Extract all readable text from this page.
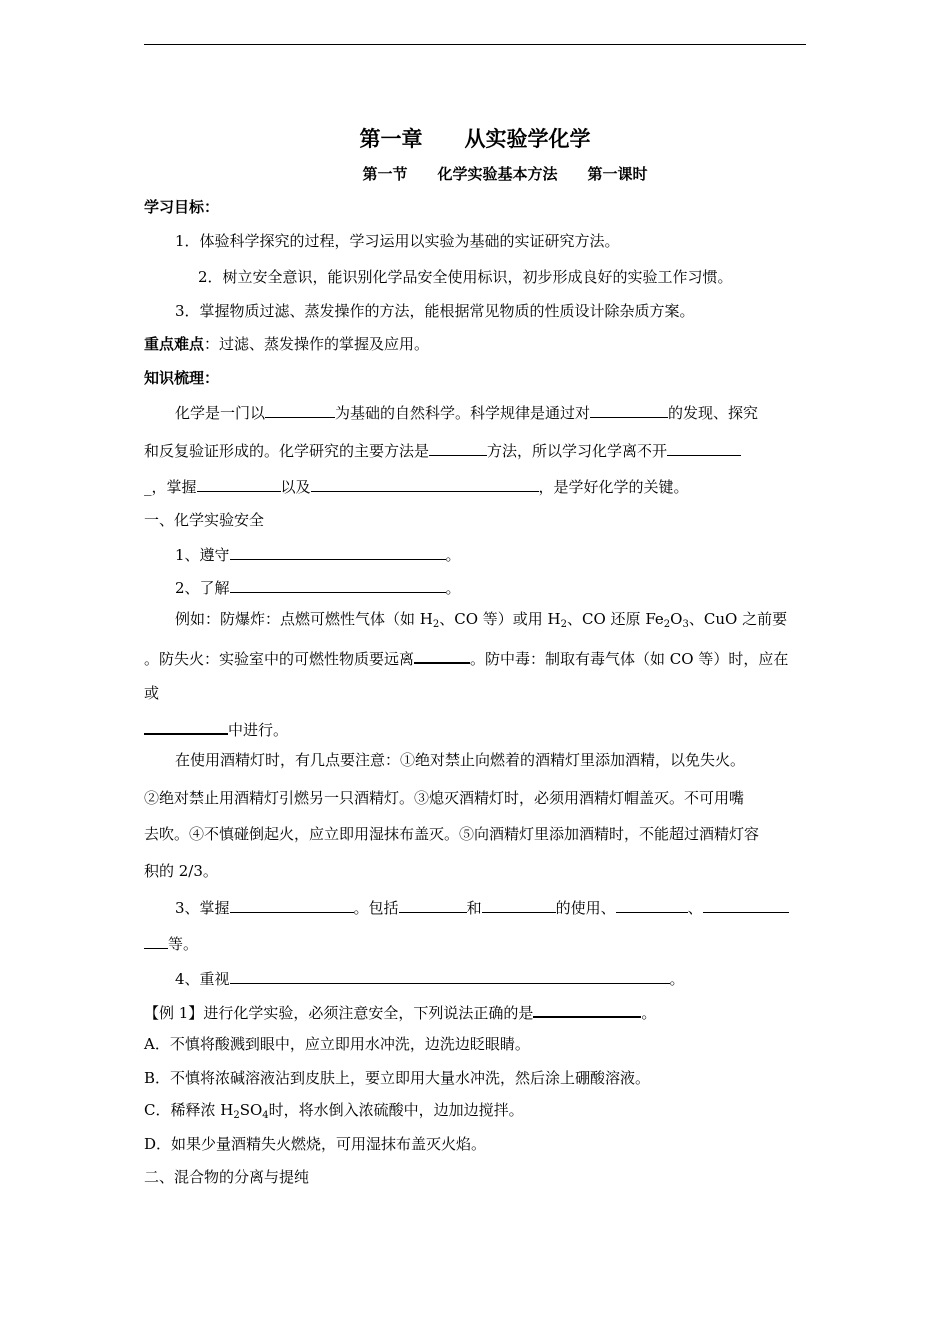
第一章　　从实验学化学
第一节　　化学实验基本方法　　第一课时
学习目标：
1．体验科学探究的过程，学习运用以实验为基础的实证研究方法。
2．树立安全意识，能识别化学品安全使用标识，初步形成良好的实验工作习惯。
3．掌握物质过滤、蒸发操作的方法，能根据常见物质的性质设计除杂质方案。
重点难点：过滤、蒸发操作的掌握及应用。
知识梳理：
化学是一门以	为基础的自然科学。科学规律是通过对	的发现、探究
和反复验证形成的。化学研究的主要方法是	方法，所以学习化学离不开
_，掌握	以及	，是学好化学的关键。
一、化学实验安全
1、遵守	。
2、了解	。
例如：防爆炸：点燃可燃性气体（如 $H_2$、CO 等）或用 $H_2$、CO 还原 $Fe_2O_3$、CuO 之前要
。防失火：实验室中的可燃性物质要远离	。防中毒：制取有毒气体（如 CO 等）时，应在
或
中进行。
在使用酒精灯时，有几点要注意：①绝对禁止向燃着的酒精灯里添加酒精，以免失火。
②绝对禁止用酒精灯引燃另一只酒精灯。③熄灭酒精灯时，必须用酒精灯帽盖灭。不可用嘴
去吹。④不慎碰倒起火，应立即用湿抹布盖灭。⑤向酒精灯里添加酒精时，不能超过酒精灯容
积的 2/3。
3、掌握	。包括	和	的使用、	、
等。
4、重视	。
【例 1】进行化学实验，必须注意安全，下列说法正确的是	。
A．不慎将酸溅到眼中，应立即用水冲洗，边洗边眨眼睛。
B．不慎将浓碱溶液沾到皮肤上，要立即用大量水冲洗，然后涂上硼酸溶液。
C．稀释浓 $H_2SO_4$时，将水倒入浓硫酸中，边加边搅拌。
D．如果少量酒精失火燃烧，可用湿抹布盖灭火焰。
二、混合物的分离与提纯
